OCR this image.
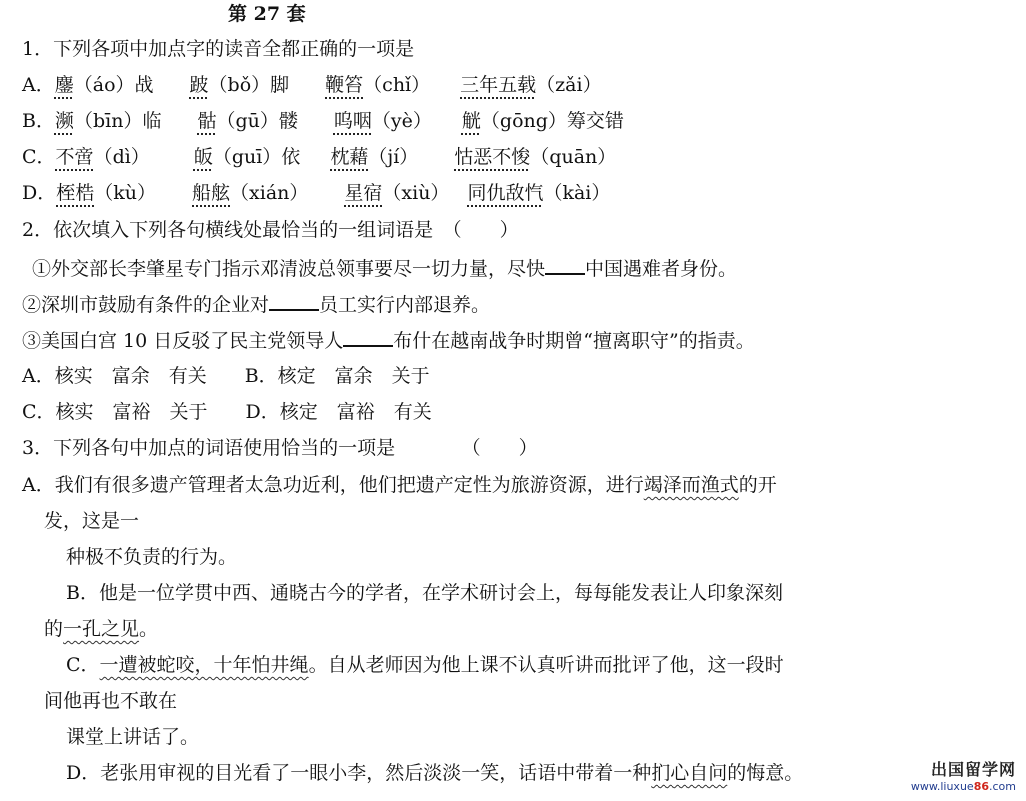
第 27 套
1．下列各项中加点字的读音全都正确的一项是
A．鏖（áo）战 跛（bǒ）脚 鞭笞（chǐ） 三年五载（zǎi）
B．濒（bīn）临 骷（gū）髅 呜咽（yè） 觥（gōng）筹交错
C．不啻（dì） 皈（guī）依 枕藉（jí） 怙恶不悛（quān）
D．桎梏（kù） 船舷（xián） 星宿（xiù） 同仇敌忾（kài）
2．依次填入下列各句横线处最恰当的一组词语是　（　　）
①外交部长李肇星专门指示邓清波总领事要尽一切力量，尽快 中国遇难者身份。
②深圳市鼓励有条件的企业对	员工实行内部退养。
③美国白宫 10 日反驳了民主党领导人	布什在越南战争时期曾“擅离职守”的指责。
A．核实　富余　有关　　B．核定　富余　关于
C．核实　富裕　关于　　D．核定　富裕　有关
3．下列各句中加点的词语使用恰当的一项是　　　　（　　）
A．我们有很多遗产管理者太急功近利，他们把遗产定性为旅游资源，进行竭泽而渔式的开
发，这是一
种极不负责的行为。
B．他是一位学贯中西、通晓古今的学者，在学术研讨会上，每每能发表让人印象深刻
的一孔之见。
C．一遭被蛇咬，十年怕井绳。自从老师因为他上课不认真听讲而批评了他，这一段时
间他再也不敢在
课堂上讲话了。
D．老张用审视的目光看了一眼小李，然后淡淡一笑，话语中带着一种扪心自问的悔意。	出国留学网
www.liuxue86.com
